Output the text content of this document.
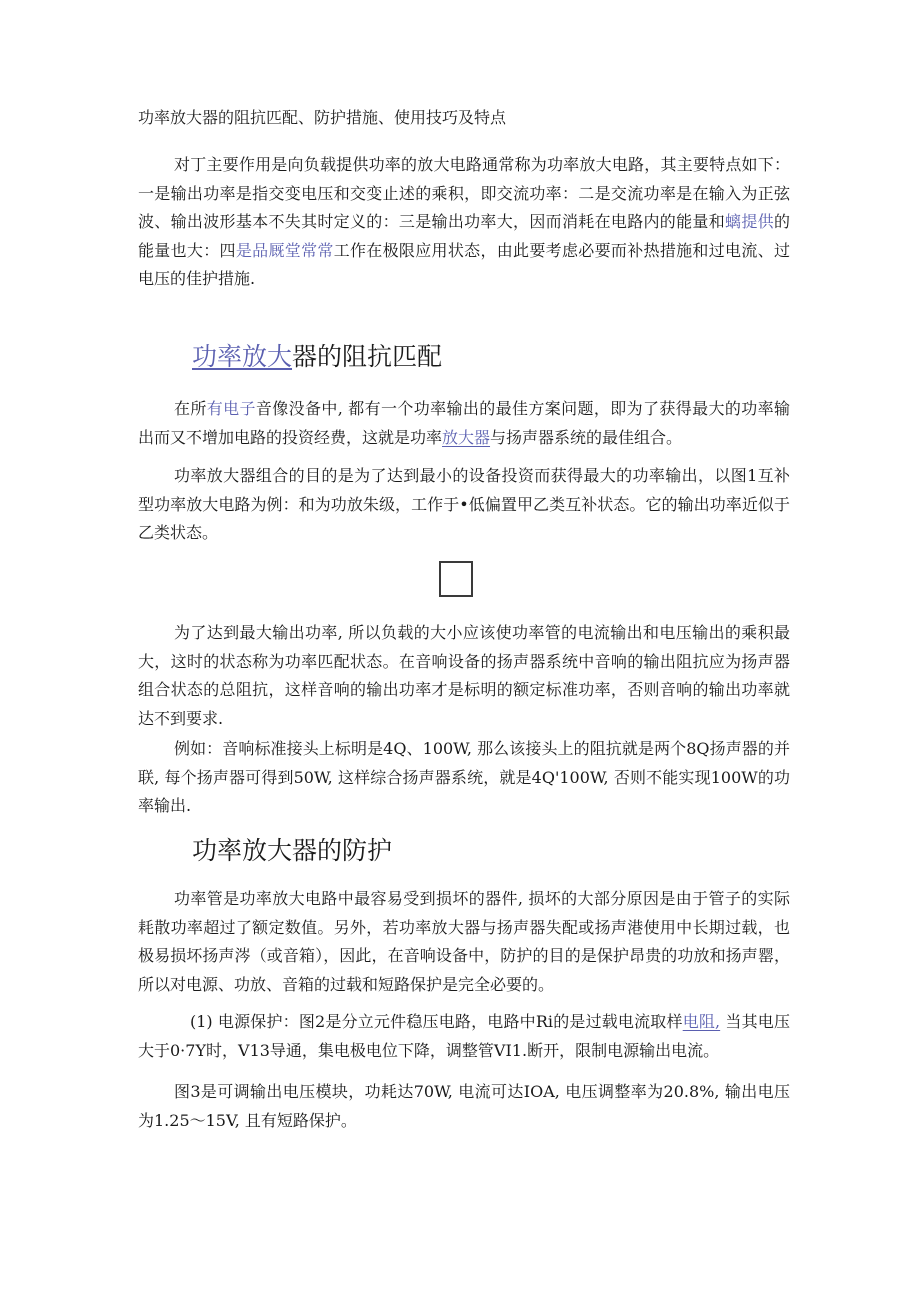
功率放大器的阻抗匹配、防护措施、使用技巧及特点
对丁主要作用是向负载提供功率的放大电路通常称为功率放大电路，其主要特点如下：一是输出功率是指交变电压和交变止述的乘积，即交流功率：二是交流功率是在输入为正弦波、输出波形基本不失其时定义的：三是输出功率大，因而消耗在电路内的能量和螭提供的能量也大：四是品厩堂常常工作在极限应用状态，由此要考虑必要而补热措施和过电流、过电压的佳护措施.
功率放大器的阻抗匹配
在所有电子音像没备中, 都有一个功率输出的最佳方案问题，即为了获得最大的功率输出而又不增加电路的投资经费，这就是功率放大器与扬声器系统的最佳组合。
功率放大器组合的目的是为了达到最小的设备投资而获得最大的功率输出，以图1互补型功率放大电路为例：和为功放朱级，工作于•低偏置甲乙类互补状态。它的输出功率近似于乙类状态。
为了达到最大输出功率, 所以负载的大小应该使功率管的电流输出和电压输出的乘积最大，这时的状态称为功率匹配状态。在音响设备的扬声器系统中音响的输出阻抗应为扬声器组合状态的总阻抗，这样音响的输出功率才是标明的额定标准功率，否则音响的输出功率就达不到要求.
例如：音响标准接头上标明是4Q、100W, 那么该接头上的阻抗就是两个8Q扬声器的并联, 每个扬声器可得到50W, 这样综合扬声器系统，就是4Q'100W, 否则不能实现100W的功率输出.
功率放大器的防护
功率管是功率放大电路中最容易受到损坏的器件, 损坏的大部分原因是由于管子的实际耗散功率超过了额定数值。另外，若功率放大器与扬声器失配或扬声港使用中长期过载，也极易损坏扬声涔（或音箱），因此，在音响设备中，防护的目的是保护昂贵的功放和扬声罂，所以对电源、功放、音箱的过载和短路保护是完全必要的。
(1) 电源保护：图2是分立元件稳压电路，电路中Ri的是过载电流取样电阻, 当其电压大于0·7Y时，V13导通，集电极电位下降，调整管VI1.断开，限制电源输出电流。
图3是可调输出电压模块，功耗达70W, 电流可达IOA, 电压调整率为20.8%, 输出电压为1.25〜15V, 且有短路保护。
